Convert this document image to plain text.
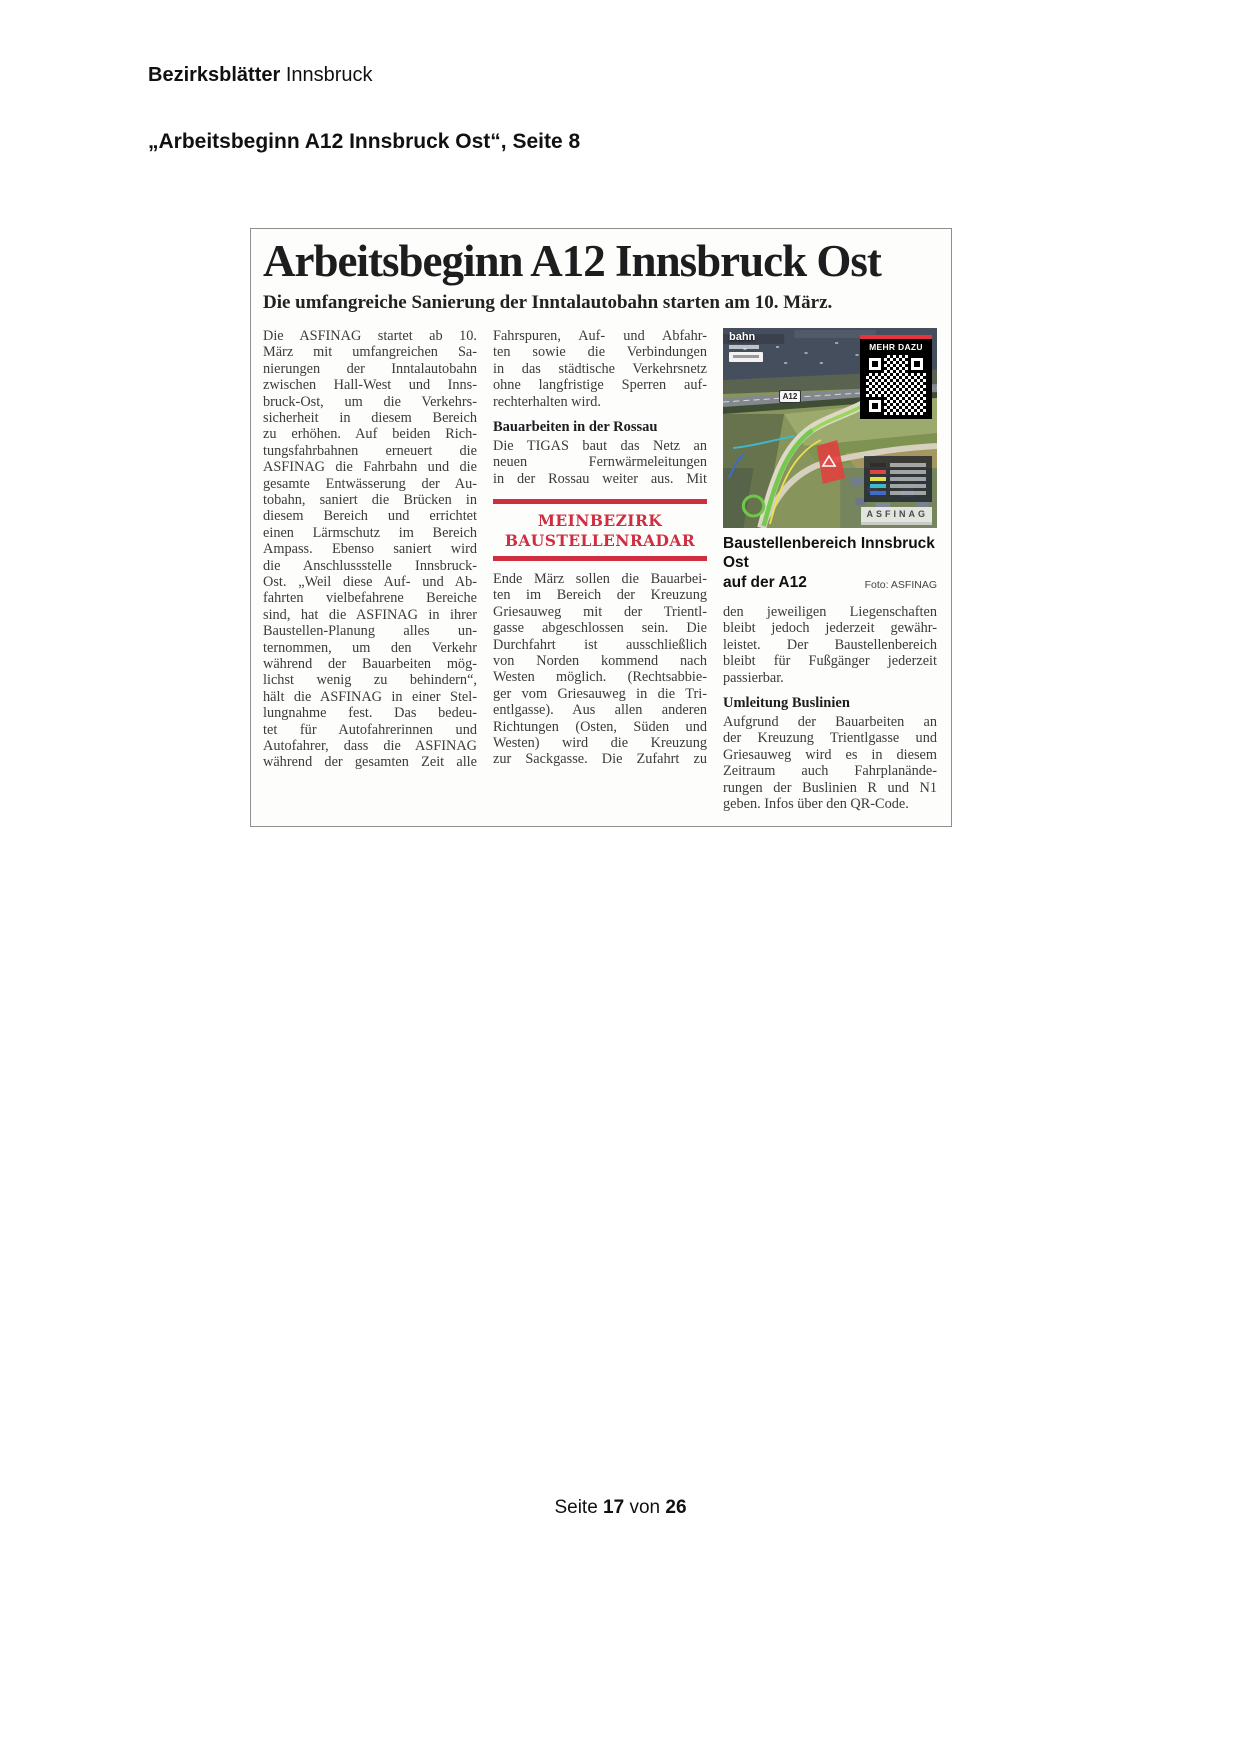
Bezirksblätter Innsbruck
„Arbeitsbeginn A12 Innsbruck Ost“, Seite 8
Arbeitsbeginn A12 Innsbruck Ost
Die umfangreiche Sanierung der Inntalautobahn starten am 10. März.
Die ASFINAG startet ab 10.
März mit umfangreichen Sa-
nierungen der Inntalautobahn
zwischen Hall-West und Inns-
bruck-Ost, um die Verkehrs-
sicherheit in diesem Bereich
zu erhöhen. Auf beiden Rich-
tungsfahrbahnen erneuert die
ASFINAG die Fahrbahn und die
gesamte Entwässerung der Au-
tobahn, saniert die Brücken in
diesem Bereich und errichtet
einen Lärmschutz im Bereich
Ampass. Ebenso saniert wird
die Anschlussstelle Innsbruck-
Ost. „Weil diese Auf- und Ab-
fahrten vielbefahrene Bereiche
sind, hat die ASFINAG in ihrer
Baustellen-Planung alles un-
ternommen, um den Verkehr
während der Bauarbeiten mög-
lichst wenig zu behindern“,
hält die ASFINAG in einer Stel-
lungnahme fest. Das bedeu-
tet für Autofahrerinnen und
Autofahrer, dass die ASFINAG
während der gesamten Zeit alle
Fahrspuren, Auf- und Abfahr-
ten sowie die Verbindungen
in das städtische Verkehrsnetz
ohne langfristige Sperren auf-
rechterhalten wird.
Bauarbeiten in der Rossau
Die TIGAS baut das Netz an
neuen Fernwärmeleitungen
in der Rossau weiter aus. Mit
MEINBEZIRK
BAUSTELLENRADAR
Ende März sollen die Bauarbei-
ten im Bereich der Kreuzung
Griesauweg mit der Trientl-
gasse abgeschlossen sein. Die
Durchfahrt ist ausschließlich
von Norden kommend nach
Westen möglich. (Rechtsabbie-
ger vom Griesauweg in die Tri-
entlgasse). Aus allen anderen
Richtungen (Osten, Süden und
Westen) wird die Kreuzung
zur Sackgasse. Die Zufahrt zu
bahn
A12
MEHR DAZU
ASFINAG
Baustellenbereich Innsbruck Ost
auf der A12	Foto: ASFINAG
den jeweiligen Liegenschaften
bleibt jedoch jederzeit gewähr-
leistet. Der Baustellenbereich
bleibt für Fußgänger jederzeit
passierbar.
Umleitung Buslinien
Aufgrund der Bauarbeiten an
der Kreuzung Trientlgasse und
Griesauweg wird es in diesem
Zeitraum auch Fahrplanände-
rungen der Buslinien R und N1
geben. Infos über den QR-Code.
Seite 17 von 26
